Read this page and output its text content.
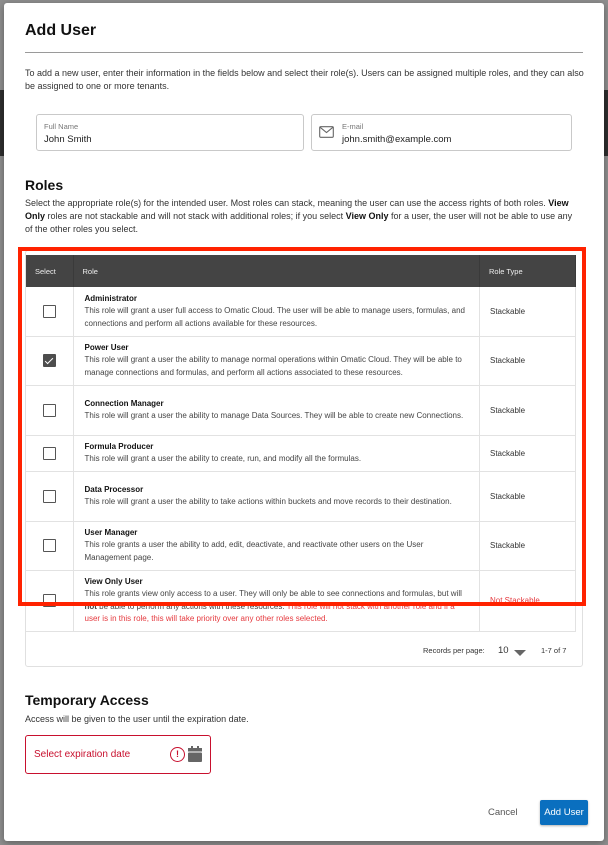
Add User
To add a new user, enter their information in the fields below and select their role(s). Users can be assigned multiple roles, and they can also be assigned to one or more tenants.
Full Name
John Smith
E-mail
john.smith@example.com
Roles
Select the appropriate role(s) for the intended user. Most roles can stack, meaning the user can use the access rights of both roles. View Only roles are not stackable and will not stack with additional roles; if you select View Only for a user, the user will not be able to use any of the other roles you select.
Select	Role	Role Type

	Administrator
This role will grant a user full access to Omatic Cloud. The user will be able to manage users, formulas, and connections and perform all actions available for these resources.	Stackable

	Power User
This role will grant a user the ability to manage normal operations within Omatic Cloud. They will be able to manage connections and formulas, and perform all actions associated to these resources.	Stackable

	Connection Manager
This role will grant a user the ability to manage Data Sources. They will be able to create new Connections.	Stackable

	Formula Producer
This role will grant a user the ability to create, run, and modify all the formulas.	Stackable

	Data Processor
This role will grant a user the ability to take actions within buckets and move records to their destination.	Stackable

	User Manager
This role grants a user the ability to add, edit, deactivate, and reactivate other users on the User Management page.	Stackable

	View Only User
This role grants view only access to a user. They will only be able to see connections and formulas, but will not be able to perform any actions with these resources. This role will not stack with another role and if a user is in this role, this will take priority over any other roles selected.	Not Stackable
Records per page: 10	1-7 of 7
Temporary Access
Access will be given to the user until the expiration date.
Select expiration date	!
Cancel	Add User
